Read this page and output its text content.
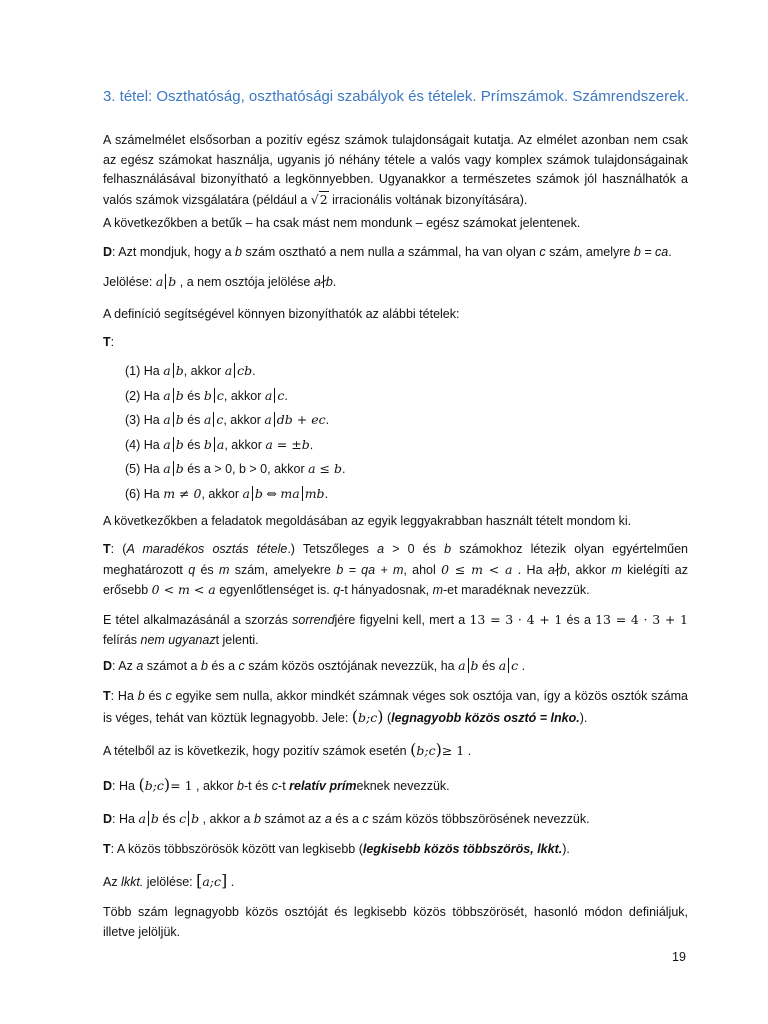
3. tétel: Oszthatóság, oszthatósági szabályok és tételek. Prímszámok. Számrendszerek.
A számelmélet elsősorban a pozitív egész számok tulajdonságait kutatja. Az elmélet azonban nem csak az egész számokat használja, ugyanis jó néhány tétele a valós vagy komplex számok tulajdonságainak felhasználásával bizonyítható a legkönnyebben. Ugyanakkor a természetes számok jól használhatók a valós számok vizsgálatára (például a √2 irracionális voltának bizonyítására).
A következőkben a betűk – ha csak mást nem mondunk – egész számokat jelentenek.
D: Azt mondjuk, hogy a b szám osztható a nem nulla a számmal, ha van olyan c szám, amelyre b = ca.
Jelölése: a b , a nem osztója jelölése a b.
A definíció segítségével könnyen bizonyíthatók az alábbi tételek:
T:
(1) Ha a b, akkor a cb.
(2) Ha a b és b c, akkor a c.
(3) Ha a b és a c, akkor a db + ec.
(4) Ha a b és b a, akkor a = ±b.
(5) Ha a b és a > 0, b > 0, akkor a ≤ b.
(6) Ha m ≠ 0, akkor a b ⇔ ma mb.
A következőkben a feladatok megoldásában az egyik leggyakrabban használt tételt mondom ki.
T: (A maradékos osztás tétele.) Tetszőleges a > 0 és b számokhoz létezik olyan egyértelműen meghatározott q és m szám, amelyekre b = qa + m, ahol 0 ≤ m < a . Ha a b, akkor m kielégíti az erősebb 0 < m < a egyenlőtlenséget is. q-t hányadosnak, m-et maradéknak nevezzük.
E tétel alkalmazásánál a szorzás sorrendjére figyelni kell, mert a 13 = 3 · 4 + 1 és a 13 = 4 · 3 + 1 felírás nem ugyanazt jelenti.
D: Az a számot a b és a c szám közös osztójának nevezzük, ha a b és a c .
T: Ha b és c egyike sem nulla, akkor mindkét számnak véges sok osztója van, így a közös osztók száma is véges, tehát van köztük legnagyobb. Jele: (b;c) (legnagyobb közös osztó = lnko.).
A tételből az is következik, hogy pozitív számok esetén (b;c)≥ 1 .
D: Ha (b;c)= 1 , akkor b-t és c-t relatív prímeknek nevezzük.
D: Ha a b és c b , akkor a b számot az a és a c szám közös többszörösének nevezzük.
T: A közös többszörösök között van legkisebb (legkisebb közös többszörös, lkkt.).
Az lkkt. jelölése: [a;c] .
Több szám legnagyobb közös osztóját és legkisebb közös többszörösét, hasonló módon definiáljuk, illetve jelöljük.
19
